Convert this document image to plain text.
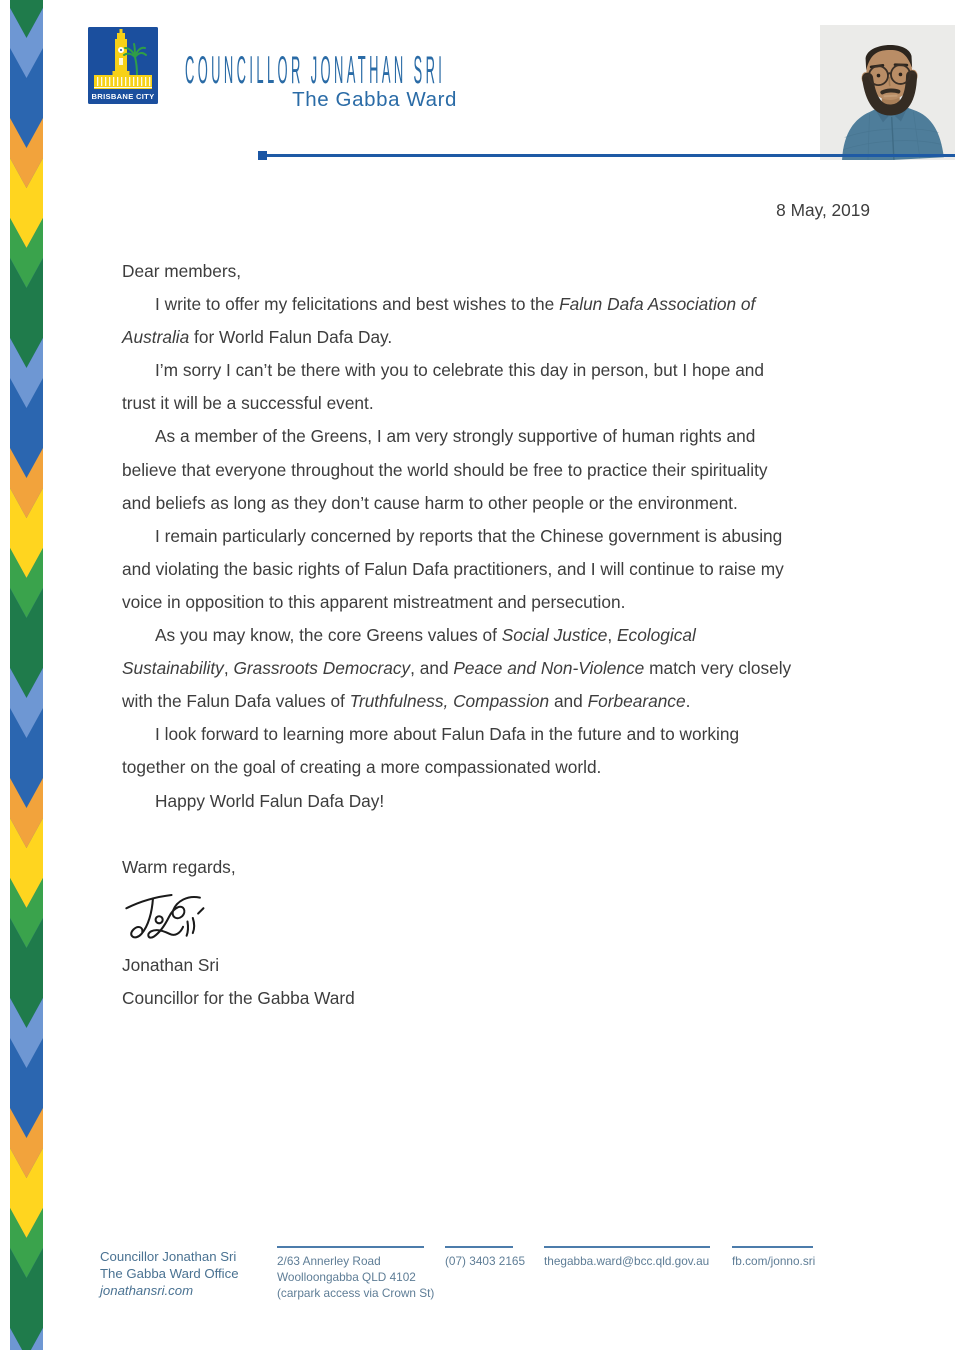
BRISBANE CITY
COUNCILLOR JONATHAN SRI
The Gabba Ward
8 May, 2019
Dear members,
I write to offer my felicitations and best wishes to the Falun Dafa Association of
Australia for World Falun Dafa Day.
I’m sorry I can’t be there with you to celebrate this day in person, but I hope and
trust it will be a successful event.
As a member of the Greens, I am very strongly supportive of human rights and
believe that everyone throughout the world should be free to practice their spirituality
and beliefs as long as they don’t cause harm to other people or the environment.
I remain particularly concerned by reports that the Chinese government is abusing
and violating the basic rights of Falun Dafa practitioners, and I will continue to raise my
voice in opposition to this apparent mistreatment and persecution.
As you may know, the core Greens values of Social Justice, Ecological
Sustainability, Grassroots Democracy, and Peace and Non-Violence match very closely
with the Falun Dafa values of Truthfulness, Compassion and Forbearance.
I look forward to learning more about Falun Dafa in the future and to working
together on the goal of creating a more compassionated world.
Happy World Falun Dafa Day!
Warm regards,
Jonathan Sri
Councillor for the Gabba Ward
Councillor Jonathan Sri
The Gabba Ward Office
jonathansri.com
2/63 Annerley Road
Woolloongabba QLD 4102
(carpark access via Crown St)
(07) 3403 2165 thegabba.ward@bcc.qld.gov.au fb.com/jonno.sri
